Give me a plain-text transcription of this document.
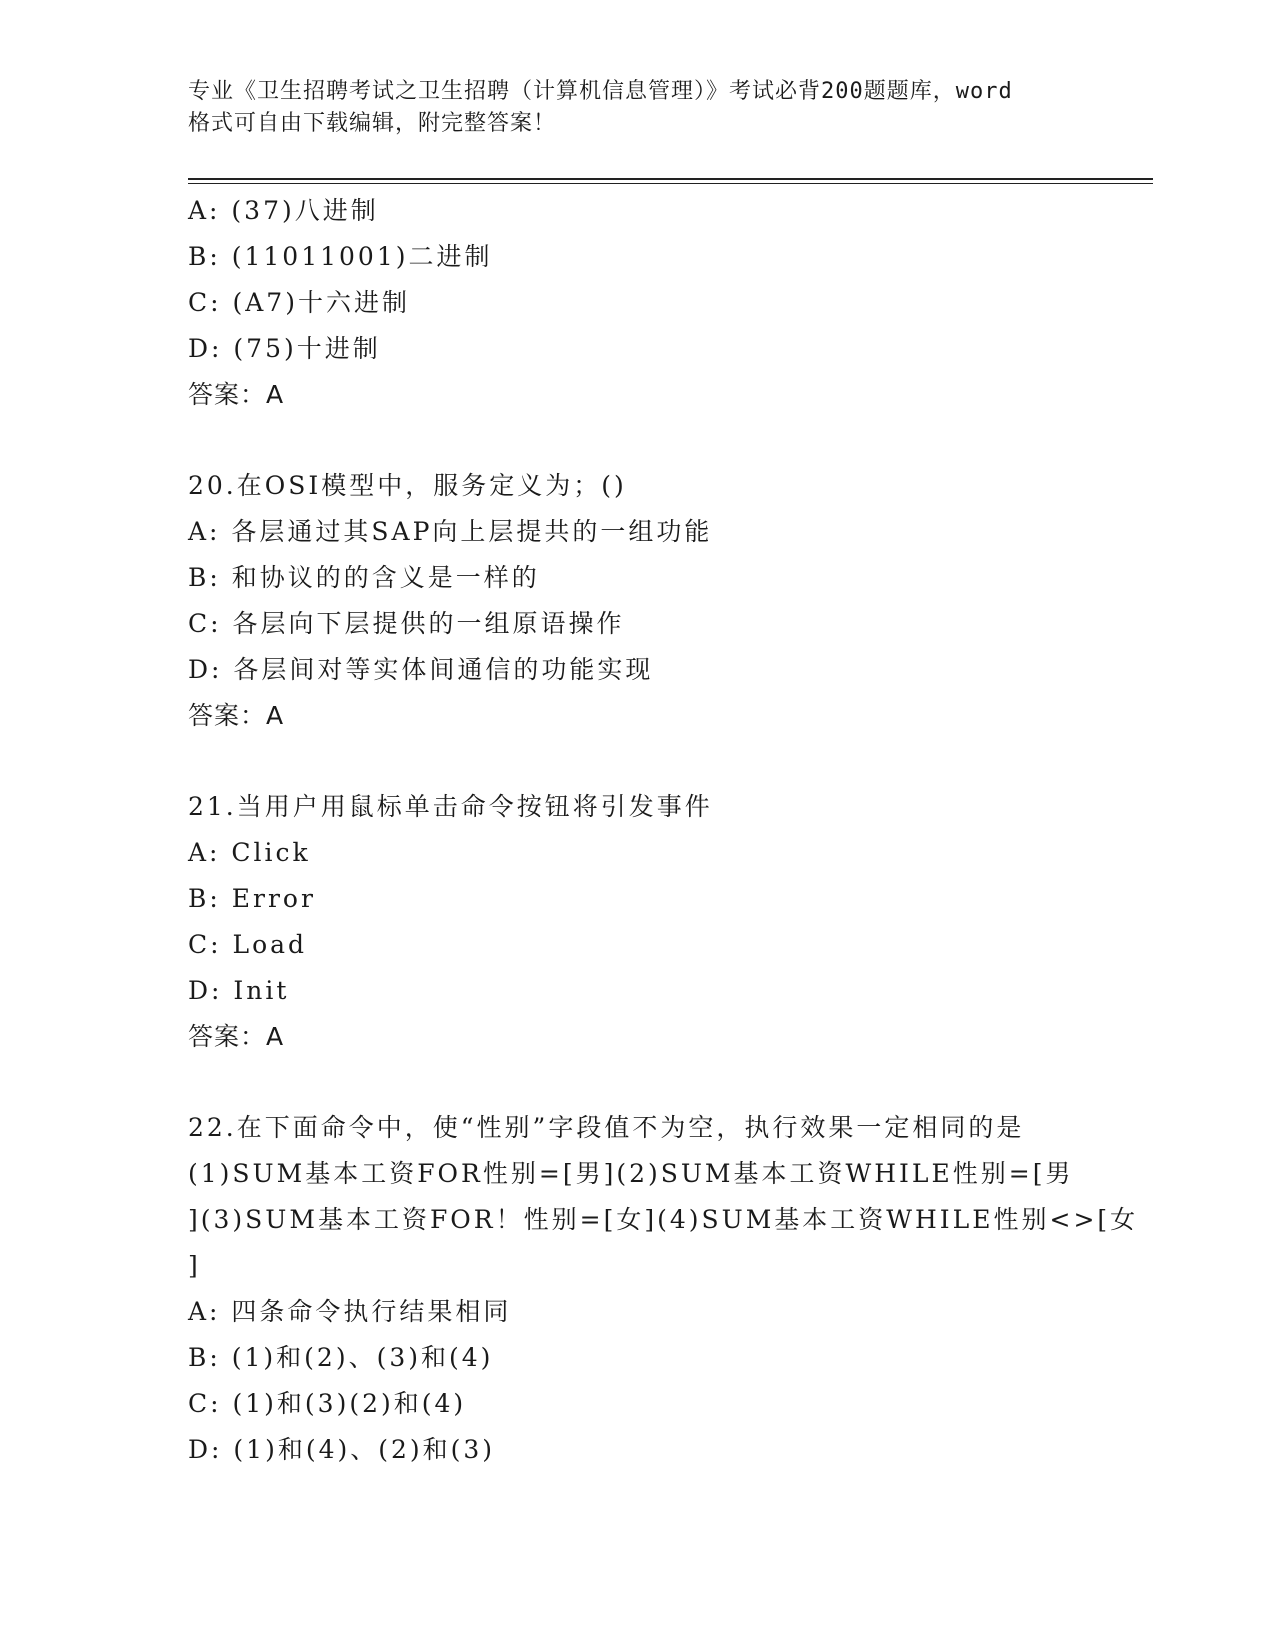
专业《卫生招聘考试之卫生招聘（计算机信息管理）》考试必背200题题库，word
格式可自由下载编辑，附完整答案！
A: (37)八进制
B: (11011001)二进制
C: (A7)十六进制
D: (75)十进制
答案：A
20.在OSI模型中，服务定义为；()
A: 各层通过其SAP向上层提共的一组功能
B: 和协议的的含义是一样的
C: 各层向下层提供的一组原语操作
D: 各层间对等实体间通信的功能实现
答案：A
21.当用户用鼠标单击命令按钮将引发事件
A: Click
B: Error
C: Load
D: Init
答案：A
22.在下面命令中，使“性别”字段值不为空，执行效果一定相同的是
(1)SUM基本工资FOR性别=[男](2)SUM基本工资WHILE性别=[男
](3)SUM基本工资FOR！性别=[女](4)SUM基本工资WHILE性别<>[女
]
A: 四条命令执行结果相同
B: (1)和(2)、(3)和(4)
C: (1)和(3)(2)和(4)
D: (1)和(4)、(2)和(3)
